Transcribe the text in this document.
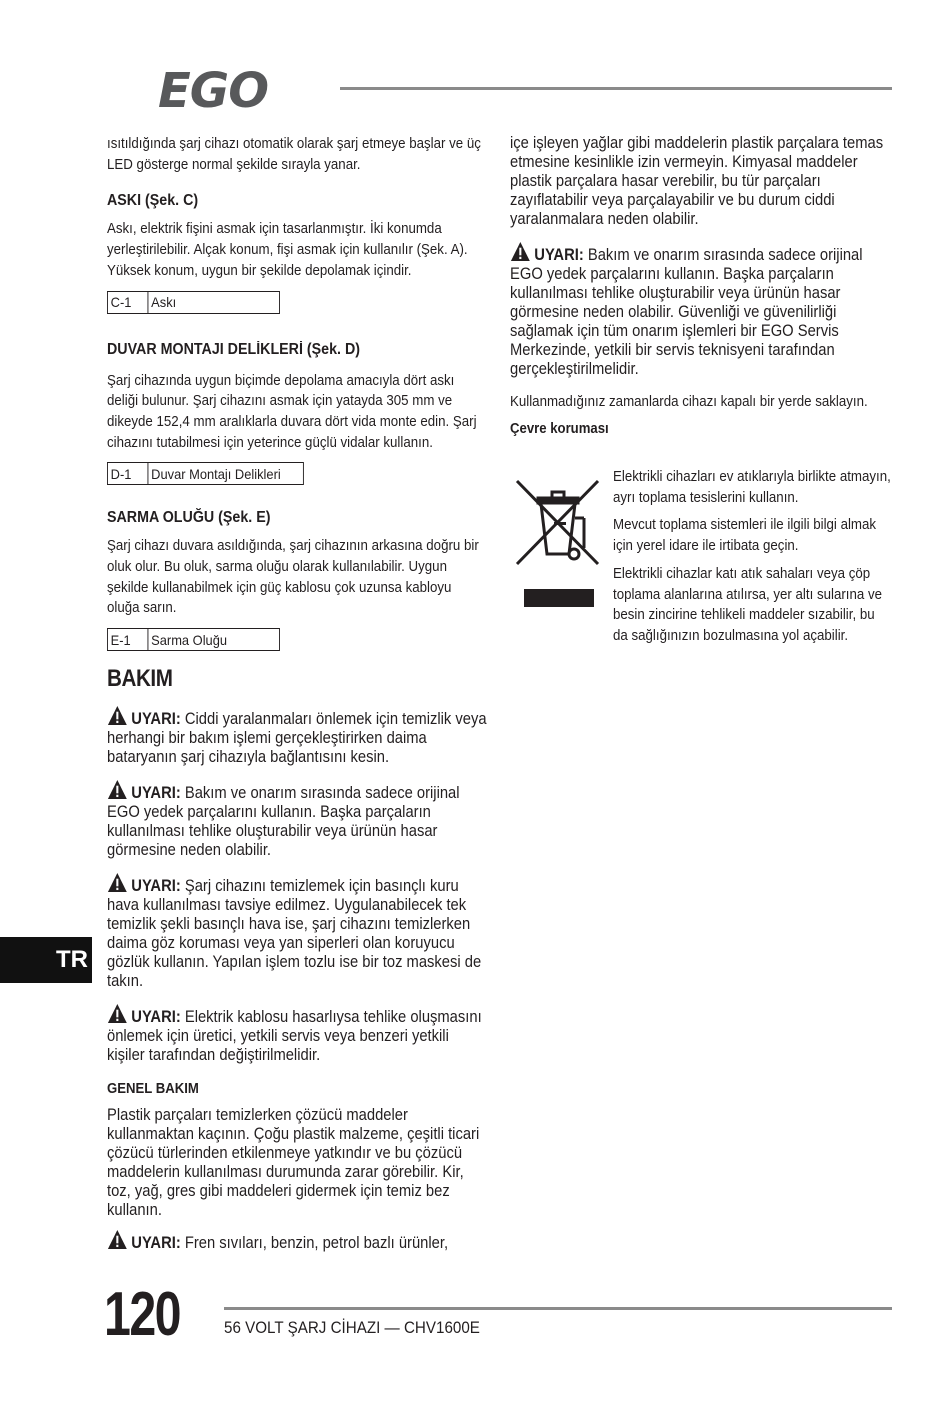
EGO

ısıtıldığında şarj cihazı otomatik olarak şarj etmeye başlar ve üç LED gösterge normal şekilde sırayla yanar.

ASKI (Şek. C)

Askı, elektrik fişini asmak için tasarlanmıştır. İki konumda yerleştirilebilir. Alçak konum, fişi asmak için kullanılır (Şek. A). Yüksek konum, uygun bir şekilde depolamak içindir.

C-1	Askı
DUVAR MONTAJI DELİKLERİ (Şek. D)

Şarj cihazında uygun biçimde depolama amacıyla dört askı deliği bulunur. Şarj cihazını asmak için yatayda 305 mm ve dikeyde 152,4 mm aralıklarla duvara dört vida monte edin. Şarj cihazını tutabilmesi için yeterince güçlü vidalar kullanın.

D-1	Duvar Montajı Delikleri
SARMA OLUĞU (Şek. E)

Şarj cihazı duvara asıldığında, şarj cihazının arkasına doğru bir oluk olur. Bu oluk, sarma oluğu olarak kullanılabilir. Uygun şekilde kullanabilmek için güç kablosu çok uzunsa kabloyu oluğa sarın.

E-1	Sarma Oluğu
BAKIM

UYARI: Ciddi yaralanmaları önlemek için temizlik veya herhangi bir bakım işlemi gerçekleştirirken daima bataryanın şarj cihazıyla bağlantısını kesin.

UYARI: Bakım ve onarım sırasında sadece orijinal EGO yedek parçalarını kullanın. Başka parçaların kullanılması tehlike oluşturabilir veya ürünün hasar görmesine neden olabilir.

UYARI: Şarj cihazını temizlemek için basınçlı kuru hava kullanılması tavsiye edilmez. Uygulanabilecek tek temizlik şekli basınçlı hava ise, şarj cihazını temizlerken daima göz koruması veya yan siperleri olan koruyucu gözlük kullanın. Yapılan işlem tozlu ise bir toz maskesi de takın.

UYARI: Elektrik kablosu hasarlıysa tehlike oluşmasını önlemek için üretici, yetkili servis veya benzeri yetkili kişiler tarafından değiştirilmelidir.

GENEL BAKIM

Plastik parçaları temizlerken çözücü maddeler kullanmaktan kaçının. Çoğu plastik malzeme, çeşitli ticari çözücü türlerinden etkilenmeye yatkındır ve bu çözücü maddelerin kullanılması durumunda zarar görebilir. Kir, toz, yağ, gres gibi maddeleri gidermek için temiz bez kullanın.

UYARI: Fren sıvıları, benzin, petrol bazlı ürünler,

içe işleyen yağlar gibi maddelerin plastik parçalara temas etmesine kesinlikle izin vermeyin. Kimyasal maddeler plastik parçalara hasar verebilir, bu tür parçaları zayıflatabilir veya parçalayabilir ve bu durum ciddi yaralanmalara neden olabilir.

UYARI: Bakım ve onarım sırasında sadece orijinal EGO yedek parçalarını kullanın. Başka parçaların kullanılması tehlike oluşturabilir veya ürünün hasar görmesine neden olabilir. Güvenliği ve güvenilirliği sağlamak için tüm onarım işlemleri bir EGO Servis Merkezinde, yetkili bir servis teknisyeni tarafından gerçekleştirilmelidir.

Kullanmadığınız zamanlarda cihazı kapalı bir yerde saklayın.

Çevre koruması

Elektrikli cihazları ev atıklarıyla birlikte atmayın, ayrı toplama tesislerini kullanın.

Mevcut toplama sistemleri ile ilgili bilgi almak için yerel idare ile irtibata geçin.

Elektrikli cihazlar katı atık sahaları veya çöp toplama alanlarına atılırsa, yer altı sularına ve besin zincirine tehlikeli maddeler sızabilir, bu da sağlığınızın bozulmasına yol açabilir.

TR
120	56 VOLT ŞARJ CİHAZI — CHV1600E
